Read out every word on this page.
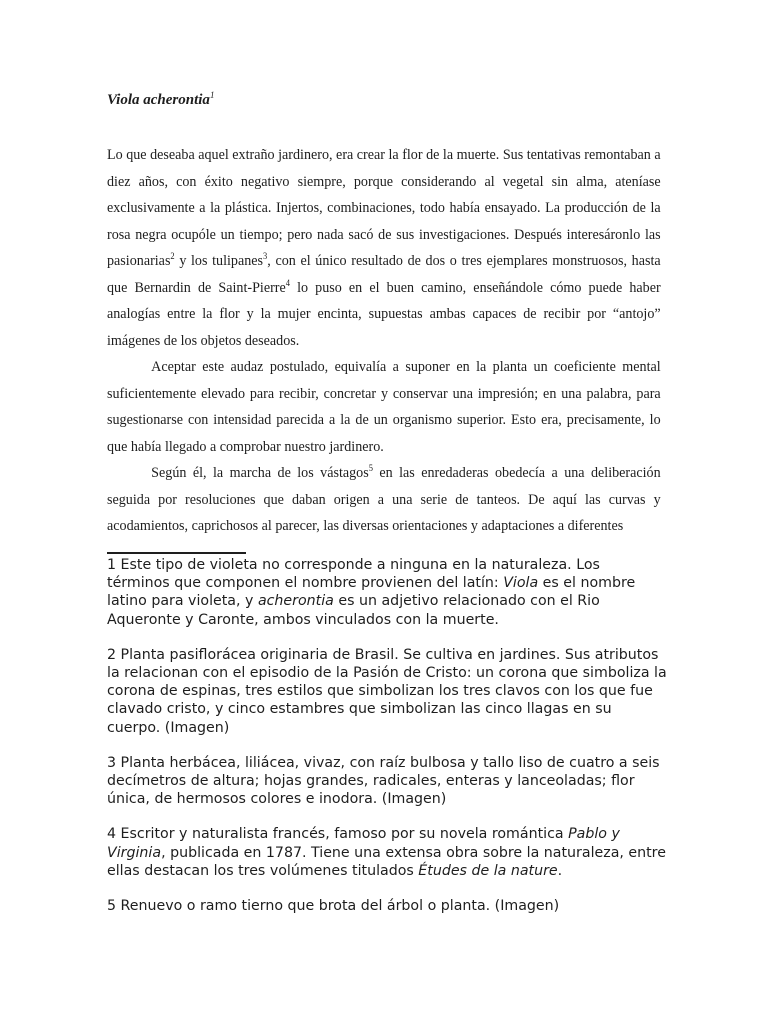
Viola acherontia$^1$

Lo que deseaba aquel extraño jardinero, era crear la flor de la muerte. Sus tentativas remontaban a diez años, con éxito negativo siempre, porque considerando al vegetal sin alma, ateníase exclusivamente a la plástica. Injertos, combinaciones, todo había ensayado. La producción de la rosa negra ocupóle un tiempo; pero nada sacó de sus investigaciones. Después interesáronlo las pasionarias$^2$ y los tulipanes$^3$, con el único resultado de dos o tres ejemplares monstruosos, hasta que Bernardin de Saint-Pierre$^4$ lo puso en el buen camino, enseñándole cómo puede haber analogías entre la flor y la mujer encinta, supuestas ambas capaces de recibir por “antojo” imágenes de los objetos deseados.

Aceptar este audaz postulado, equivalía a suponer en la planta un coeficiente mental suficientemente elevado para recibir, concretar y conservar una impresión; en una palabra, para sugestionarse con intensidad parecida a la de un organismo superior. Esto era, precisamente, lo que había llegado a comprobar nuestro jardinero.

Según él, la marcha de los vástagos$^5$ en las enredaderas obedecía a una deliberación seguida por resoluciones que daban origen a una serie de tanteos. De aquí las curvas y acodamientos, caprichosos al parecer, las diversas orientaciones y adaptaciones a diferentes

1 Este tipo de violeta no corresponde a ninguna en la naturaleza. Los términos que componen el nombre provienen del latín: Viola es el nombre latino para violeta, y acherontia es un adjetivo relacionado con el Rio Aqueronte y Caronte, ambos vinculados con la muerte.

2 Planta pasiflorácea originaria de Brasil. Se cultiva en jardines. Sus atributos la relacionan con el episodio de la Pasión de Cristo: un corona que simboliza la corona de espinas, tres estilos que simbolizan los tres clavos con los que fue clavado cristo, y cinco estambres que simbolizan las cinco llagas en su cuerpo. (Imagen)

3 Planta herbácea, liliácea, vivaz, con raíz bulbosa y tallo liso de cuatro a seis decímetros de altura; hojas grandes, radicales, enteras y lanceoladas; flor única, de hermosos colores e inodora. (Imagen)

4 Escritor y naturalista francés, famoso por su novela romántica Pablo y Virginia, publicada en 1787. Tiene una extensa obra sobre la naturaleza, entre ellas destacan los tres volúmenes titulados Études de la nature.

5 Renuevo o ramo tierno que brota del árbol o planta. (Imagen)
